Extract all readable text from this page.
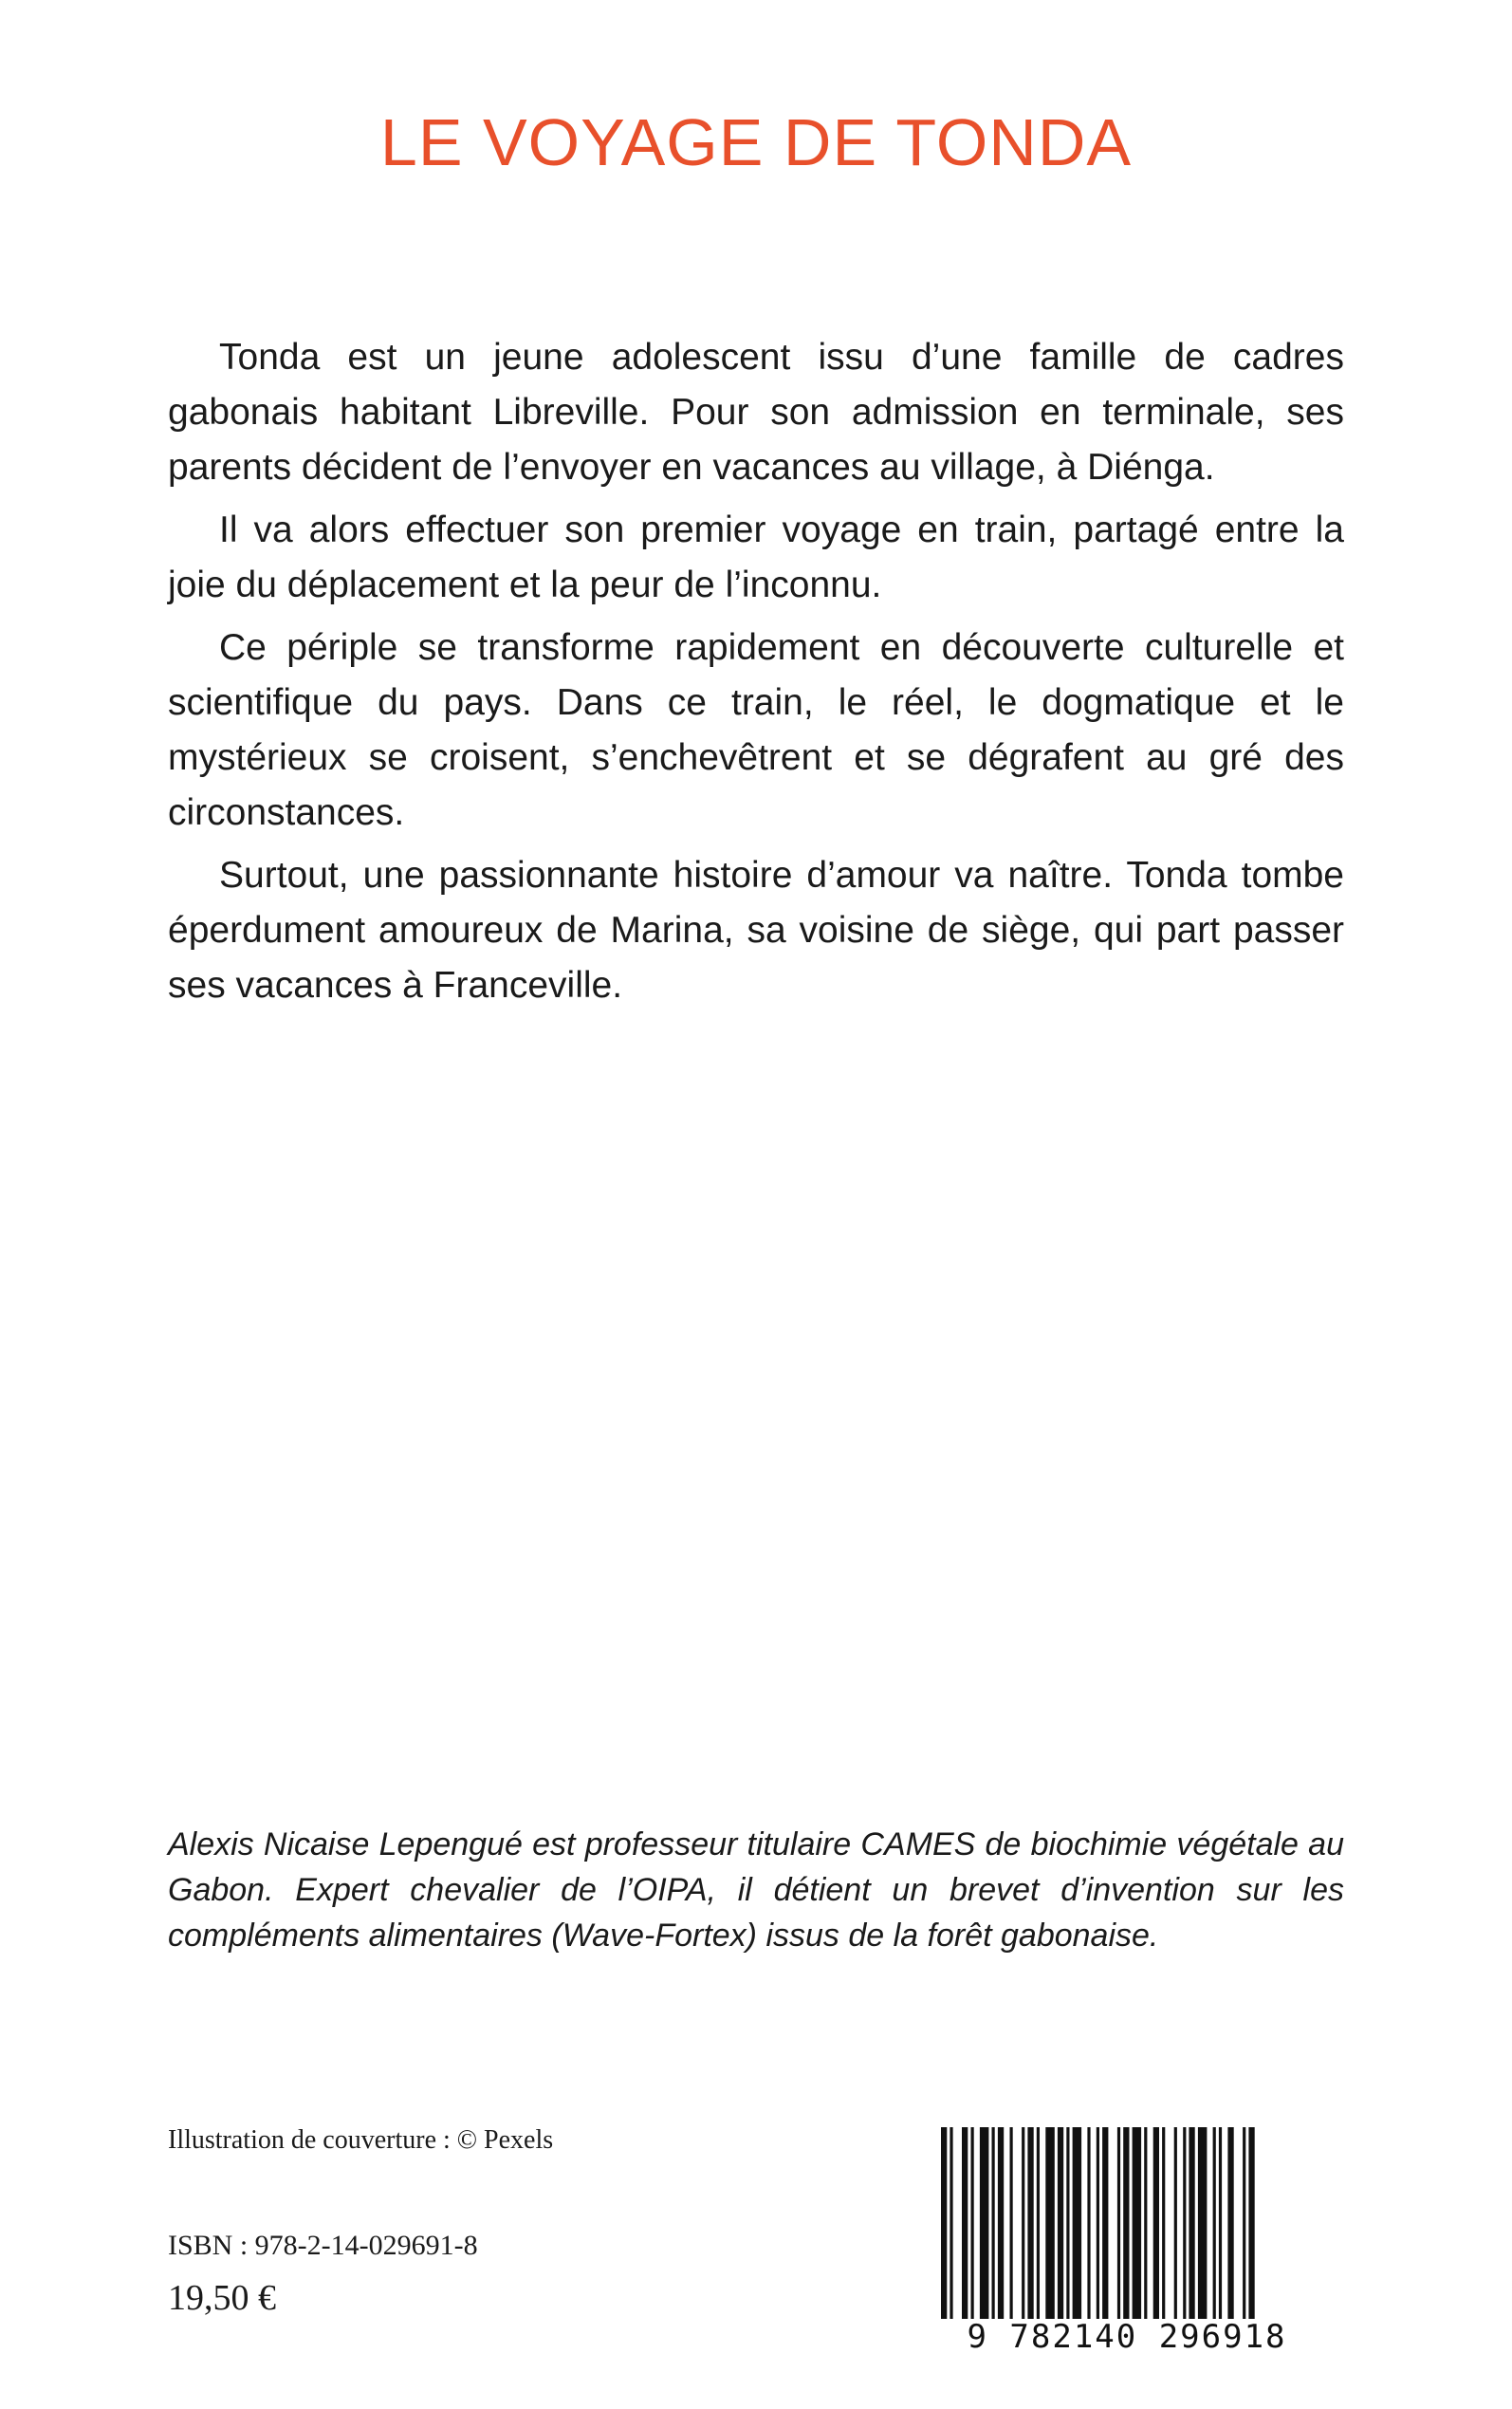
LE VOYAGE DE TONDA

Tonda est un jeune adolescent issu d’une famille de cadres gabonais habitant Libreville. Pour son admission en terminale, ses parents décident de l’envoyer en vacances au village, à Diénga.

Il va alors effectuer son premier voyage en train, partagé entre la joie du déplacement et la peur de l’inconnu.

Ce périple se transforme rapidement en découverte culturelle et scientifique du pays. Dans ce train, le réel, le dogmatique et le mystérieux se croisent, s’enchevêtrent et se dégrafent au gré des circonstances.

Surtout, une passionnante histoire d’amour va naître. Tonda tombe éperdument amoureux de Marina, sa voisine de siège, qui part passer ses vacances à Franceville.

Alexis Nicaise Lepengué est professeur titulaire CAMES de biochimie végétale au Gabon. Expert chevalier de l’OIPA, il détient un brevet d’invention sur les compléments alimentaires (Wave-Fortex) issus de la forêt gabonaise.

Illustration de couverture : © Pexels

ISBN : 978-2-14-029691-8

19,50 €

9 782140 296918
